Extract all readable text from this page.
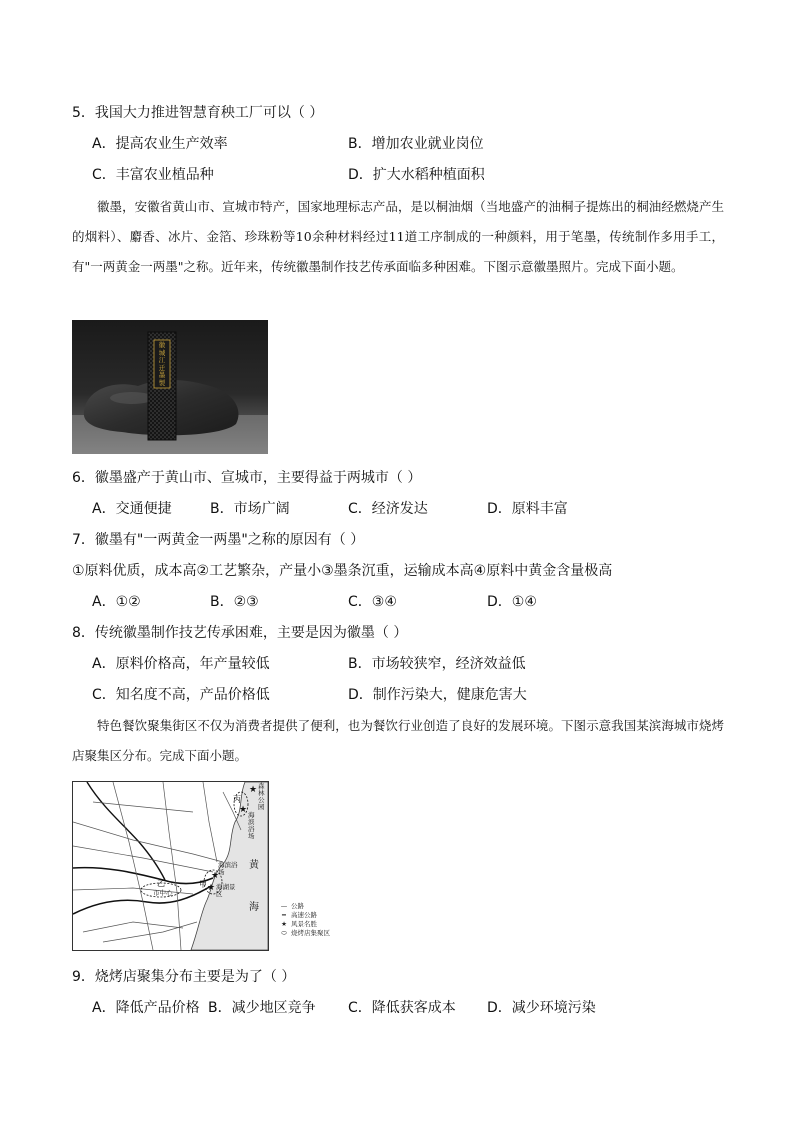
5．我国大力推进智慧育秧工厂可以（ ）
A．提高农业生产效率	B．增加农业就业岗位
C．丰富农业植品种	D．扩大水稻种植面积

徽墨，安徽省黄山市、宣城市特产，国家地理标志产品，是以桐油烟（当地盛产的油桐子提炼出的桐油经燃烧产生的烟料）、麝香、冰片、金箔、珍珠粉等10余种材料经过11道工序制成的一种颜料，用于笔墨，传统制作多用手工，有"一两黄金一两墨"之称。近年来，传统徽墨制作技艺传承面临多种困难。下图示意徽墨照片。完成下面小题。

徽城江迁墨製
6．徽墨盛产于黄山市、宣城市，主要得益于两城市（ ）
A．交通便捷	B．市场广阔	C．经济发达	D．原料丰富
7．徽墨有"一两黄金一两墨"之称的原因有（ ）
①原料优质，成本高②工艺繁杂，产量小③墨条沉重，运输成本高④原料中黄金含量极高
A．①②	B．②③	C．③④	D．①④
8．传统徽墨制作技艺传承困难，主要是因为徽墨（ ）
A．原料价格高，年产量较低	B．市场较狭窄，经济效益低
C．知名度不高，产品价格低	D．制作污染大，健康危害大

特色餐饮聚集街区不仅为消费者提供了便利，也为餐饮行业创造了良好的发展环境。下图示意我国某滨海城市烧烤店聚集区分布。完成下面小题。

★
★
★
★
森林公园
丙
海滨浴场
海滨浴场
甲 海湖景区
乙
市中心
黄
海	— 公路
━ 高速公路
★ 风景名胜
⬭ 烧烤店集聚区
9．烧烤店聚集分布主要是为了（ ）
A．降低产品价格 B．减少地区竞争 C．降低获客成本 D．减少环境污染
